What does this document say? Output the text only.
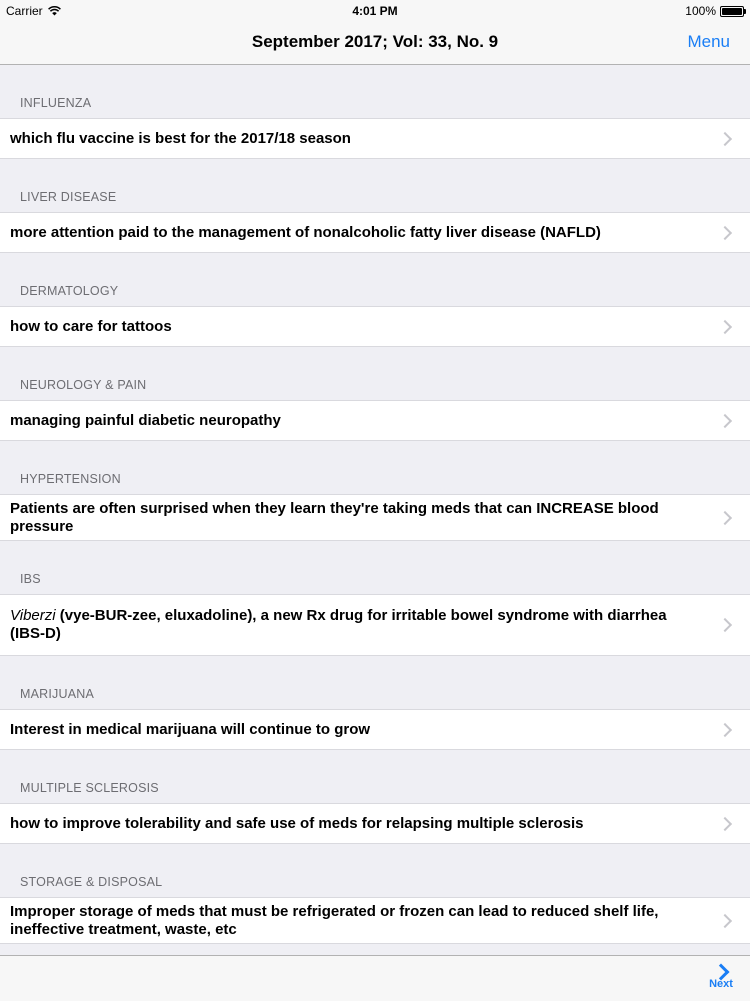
Carrier	4:01 PM	100%
September 2017; Vol: 33, No. 9	Menu
INFLUENZA
which flu vaccine is best for the 2017/18 season
LIVER DISEASE
more attention paid to the management of nonalcoholic fatty liver disease (NAFLD)
DERMATOLOGY
how to care for tattoos
NEUROLOGY & PAIN
managing painful diabetic neuropathy
HYPERTENSION
Patients are often surprised when they learn they're taking meds that can INCREASE blood pressure
IBS
Viberzi (vye-BUR-zee, eluxadoline), a new Rx drug for irritable bowel syndrome with diarrhea (IBS-D)
MARIJUANA
Interest in medical marijuana will continue to grow
MULTIPLE SCLEROSIS
how to improve tolerability and safe use of meds for relapsing multiple sclerosis
STORAGE & DISPOSAL
Improper storage of meds that must be refrigerated or frozen can lead to reduced shelf life, ineffective treatment, waste, etc
Next
